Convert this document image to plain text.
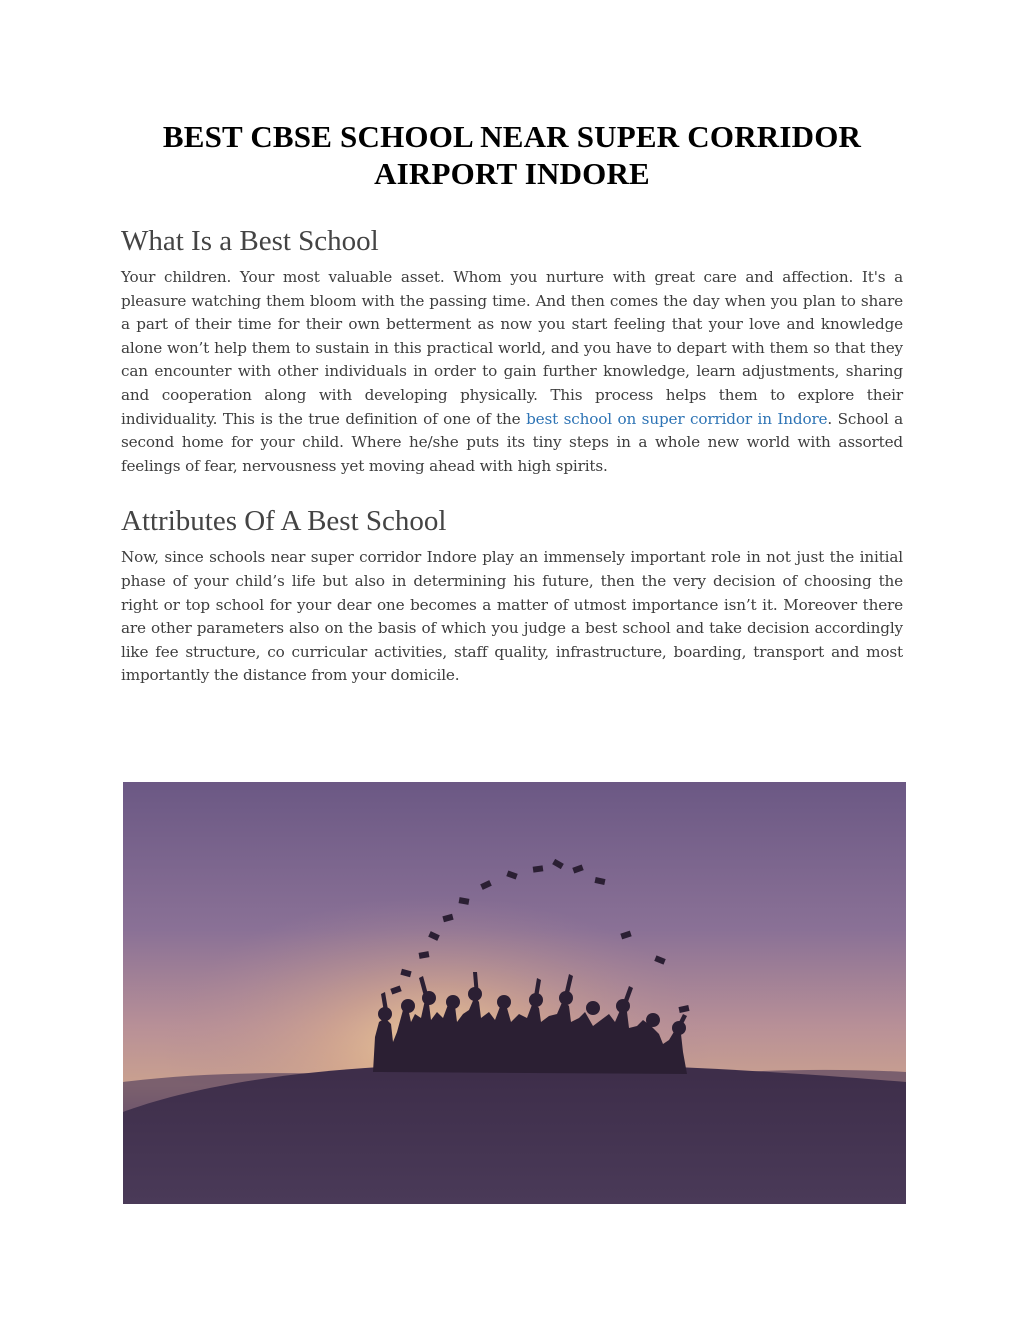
BEST CBSE SCHOOL NEAR SUPER CORRIDOR AIRPORT INDORE
What Is a Best School

Your children. Your most valuable asset. Whom you nurture with great care and affection. It's a pleasure watching them bloom with the passing time. And then comes the day when you plan to share a part of their time for their own betterment as now you start feeling that your love and knowledge alone won’t help them to sustain in this practical world, and you have to depart with them so that they can encounter with other individuals in order to gain further knowledge, learn adjustments, sharing and cooperation along with developing physically. This process helps them to explore their individuality. This is the true definition of one of the best school on super corridor in Indore. School a second home for your child. Where he/she puts its tiny steps in a whole new world with assorted feelings of fear, nervousness yet moving ahead with high spirits.

Attributes Of A Best School

Now, since schools near super corridor Indore play an immensely important role in not just the initial phase of your child’s life but also in determining his future, then the very decision of choosing the right or top school for your dear one becomes a matter of utmost importance isn’t it. Moreover there are other parameters also on the basis of which you judge a best school and take decision accordingly like fee structure, co curricular activities, staff quality, infrastructure, boarding, transport and most importantly the distance from your domicile.
